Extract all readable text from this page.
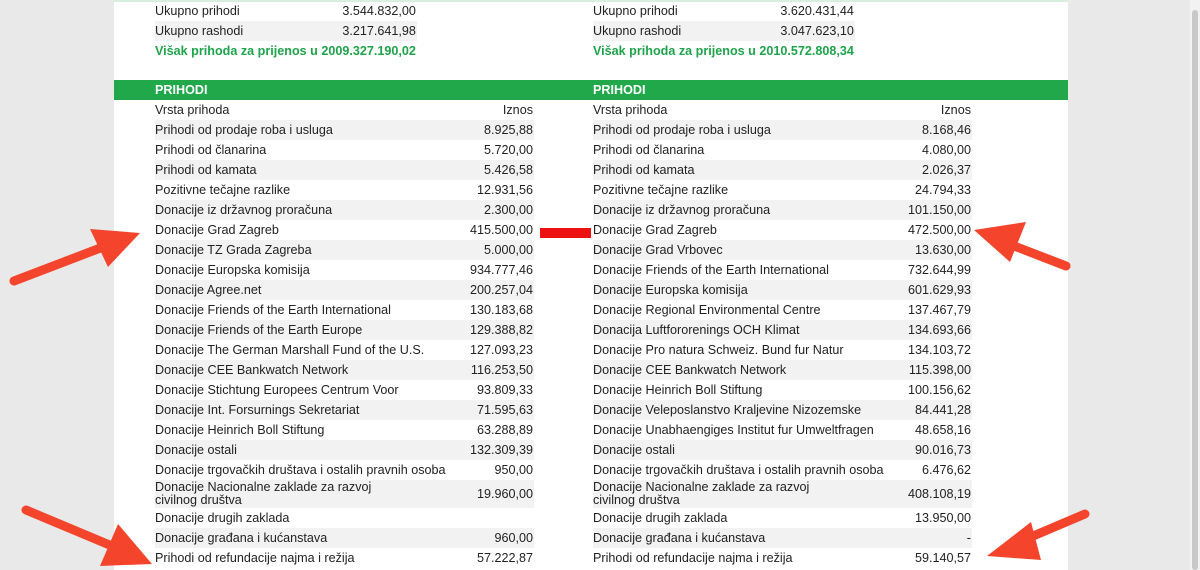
Ukupno prihodi	3.544.832,00
Ukupno rashodi	3.217.641,98
Višak prihoda za prijenos u 2009. 327.190,02
PRIHODI
Vrsta prihoda	Iznos
Prihodi od prodaje roba i usluga	8.925,88
Prihodi od članarina	5.720,00
Prihodi od kamata	5.426,58
Pozitivne tečajne razlike	12.931,56
Donacije iz državnog proračuna	2.300,00
Donacije Grad Zagreb	415.500,00
Donacije TZ Grada Zagreba	5.000,00
Donacije Europska komisija	934.777,46
Donacije Agree.net	200.257,04
Donacije Friends of the Earth International	130.183,68
Donacije Friends of the Earth Europe	129.388,82
Donacije The German Marshall Fund of the U.S.	127.093,23
Donacije CEE Bankwatch Network	116.253,50
Donacije Stichtung Europees Centrum Voor	93.809,33
Donacije Int. Forsurnings Sekretariat	71.595,63
Donacije Heinrich Boll Stiftung	63.288,89
Donacije ostali	132.309,39
Donacije trgovačkih društava i ostalih pravnih osoba	950,00
Donacije Nacionalne zaklade za razvoj civilnog društva	19.960,00
Donacije drugih zaklada
Donacije građana i kućanstava	960,00
Prihodi od refundacije najma i režija	57.222,87
Ukupno prihodi	3.620.431,44
Ukupno rashodi	3.047.623,10
Višak prihoda za prijenos u 2010. 572.808,34
PRIHODI
Vrsta prihoda	Iznos
Prihodi od prodaje roba i usluga	8.168,46
Prihodi od članarina	4.080,00
Prihodi od kamata	2.026,37
Pozitivne tečajne razlike	24.794,33
Donacije iz državnog proračuna	101.150,00
Donacije Grad Zagreb	472.500,00
Donacije Grad Vrbovec	13.630,00
Donacije Friends of the Earth International	732.644,99
Donacije Europska komisija	601.629,93
Donacije Regional Environmental Centre	137.467,79
Donacija Luftfororenings OCH Klimat	134.693,66
Donacije Pro natura Schweiz. Bund fur Natur	134.103,72
Donacije CEE Bankwatch Network	115.398,00
Donacije Heinrich Boll Stiftung	100.156,62
Donacije Veleposlanstvo Kraljevine Nizozemske	84.441,28
Donacije Unabhaengiges Institut fur Umweltfragen	48.658,16
Donacije ostali	90.016,73
Donacije trgovačkih društava i ostalih pravnih osoba	6.476,62
Donacije Nacionalne zaklade za razvoj civilnog društva	408.108,19
Donacije drugih zaklada	13.950,00
Donacije građana i kućanstava	-
Prihodi od refundacije najma i režija	59.140,57
